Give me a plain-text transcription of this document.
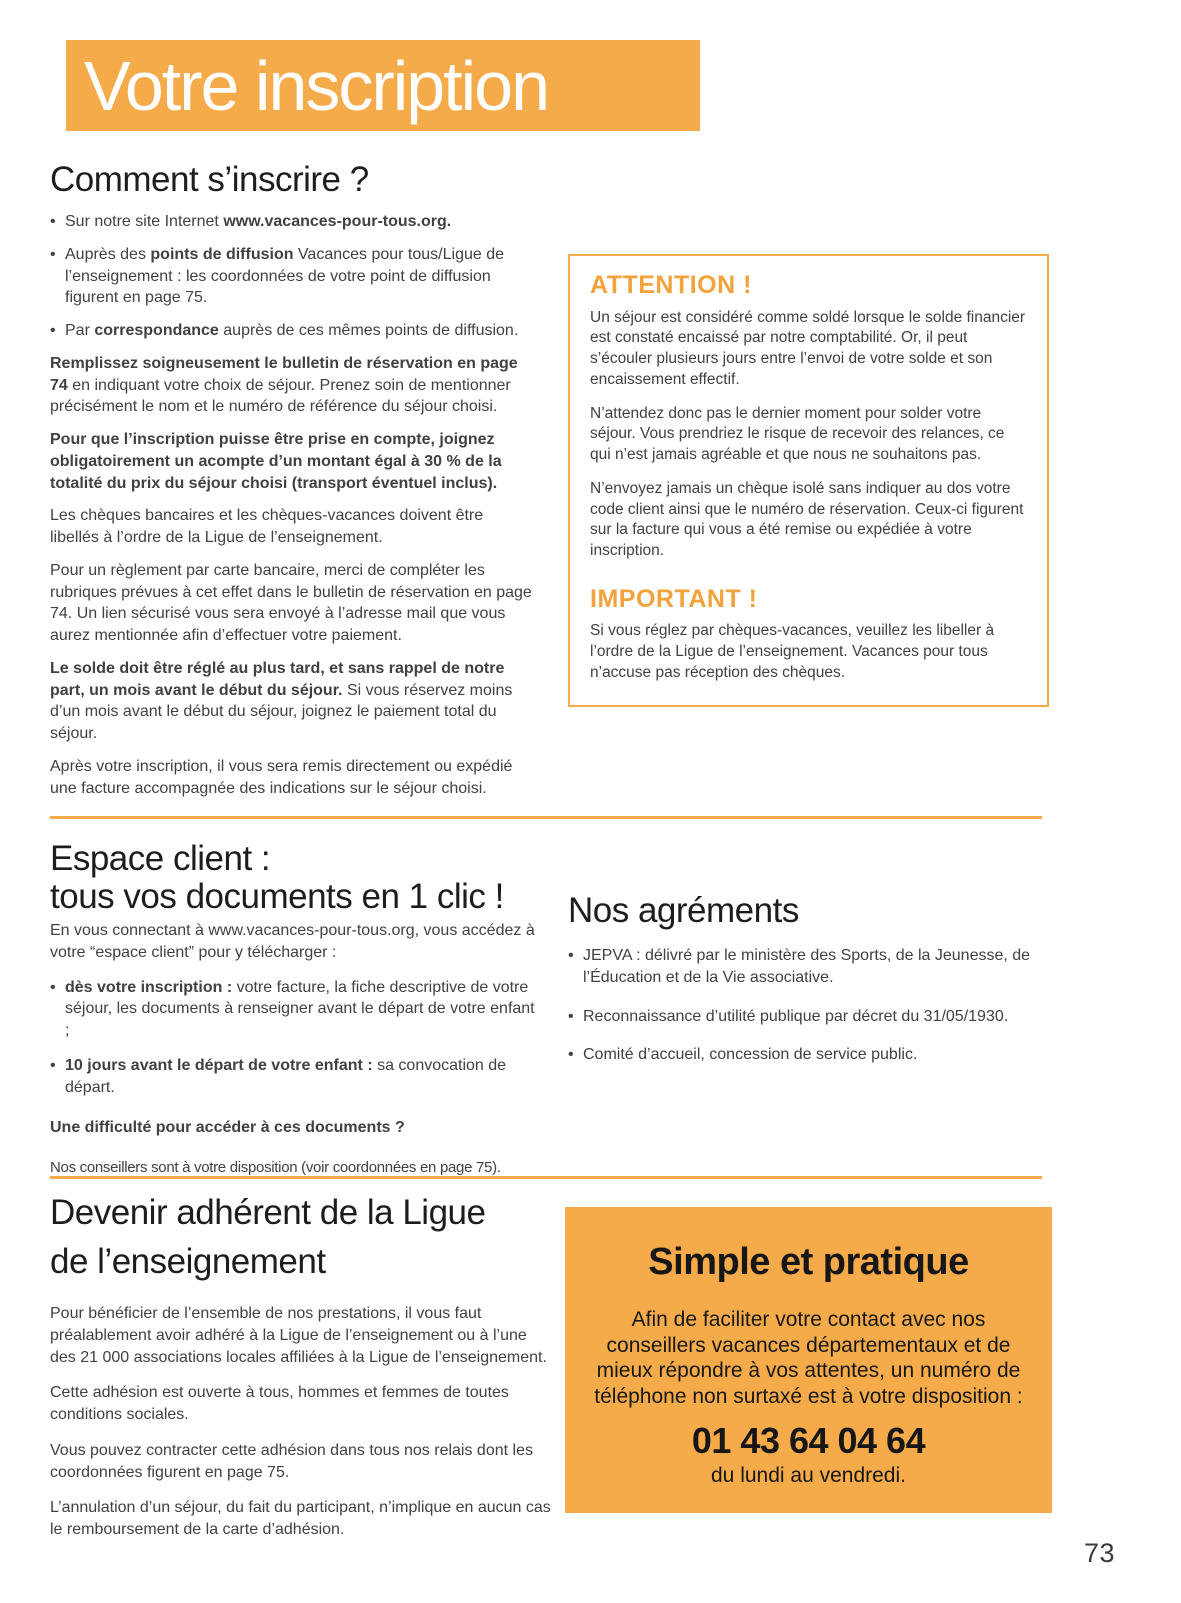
Votre inscription
Comment s’inscrire ?

• Sur notre site Internet www.vacances-pour-tous.org.

• Auprès des points de diffusion Vacances pour tous/Ligue de l’enseignement : les coordonnées de votre point de diffusion figurent en page 75.

• Par correspondance auprès de ces mêmes points de diffusion.

Remplissez soigneusement le bulletin de réservation en page 74 en indiquant votre choix de séjour. Prenez soin de mentionner précisément le nom et le numéro de référence du séjour choisi.

Pour que l’inscription puisse être prise en compte, joignez obligatoirement un acompte d’un montant égal à 30 % de la totalité du prix du séjour choisi (transport éventuel inclus).

Les chèques bancaires et les chèques-vacances doivent être libellés à l’ordre de la Ligue de l’enseignement.

Pour un règlement par carte bancaire, merci de compléter les rubriques prévues à cet effet dans le bulletin de réservation en page 74. Un lien sécurisé vous sera envoyé à l’adresse mail que vous aurez mentionnée afin d’effectuer votre paiement.

Le solde doit être réglé au plus tard, et sans rappel de notre part, un mois avant le début du séjour. Si vous réservez moins d’un mois avant le début du séjour, joignez le paiement total du séjour.

Après votre inscription, il vous sera remis directement ou expédié une facture accompagnée des indications sur le séjour choisi.

ATTENTION !

Un séjour est considéré comme soldé lorsque le solde financier est constaté encaissé par notre comptabilité. Or, il peut s’écouler plusieurs jours entre l’envoi de votre solde et son encaissement effectif.

N’attendez donc pas le dernier moment pour solder votre séjour. Vous prendriez le risque de recevoir des relances, ce qui n’est jamais agréable et que nous ne souhaitons pas.

N’envoyez jamais un chèque isolé sans indiquer au dos votre code client ainsi que le numéro de réservation. Ceux-ci figurent sur la facture qui vous a été remise ou expédiée à votre inscription.

IMPORTANT !

Si vous réglez par chèques-vacances, veuillez les libeller à l’ordre de la Ligue de l’enseignement. Vacances pour tous n’accuse pas réception des chèques.

Espace client :
tous vos documents en 1 clic !

En vous connectant à www.vacances-pour-tous.org, vous accédez à votre “espace client” pour y télécharger :

• dès votre inscription : votre facture, la fiche descriptive de votre séjour, les documents à renseigner avant le départ de votre enfant ;

• 10 jours avant le départ de votre enfant : sa convocation de départ.

Une difficulté pour accéder à ces documents ?

Nos conseillers sont à votre disposition (voir coordonnées en page 75).

Nos agréments

• JEPVA : délivré par le ministère des Sports, de la Jeunesse, de l’Éducation et de la Vie associative.

• Reconnaissance d’utilité publique par décret du 31/05/1930.

• Comité d’accueil, concession de service public.

Devenir adhérent de la Ligue
de l’enseignement

Pour bénéficier de l’ensemble de nos prestations, il vous faut préalablement avoir adhéré à la Ligue de l’enseignement ou à l’une des 21 000 associations locales affiliées à la Ligue de l’enseignement.

Cette adhésion est ouverte à tous, hommes et femmes de toutes conditions sociales.

Vous pouvez contracter cette adhésion dans tous nos relais dont les coordonnées figurent en page 75.

L’annulation d’un séjour, du fait du participant, n’implique en aucun cas le remboursement de la carte d’adhésion.

Simple et pratique

Afin de faciliter votre contact avec nos conseillers vacances départementaux et de mieux répondre à vos attentes, un numéro de téléphone non surtaxé est à votre disposition :

01 43 64 04 64
du lundi au vendredi.
73
